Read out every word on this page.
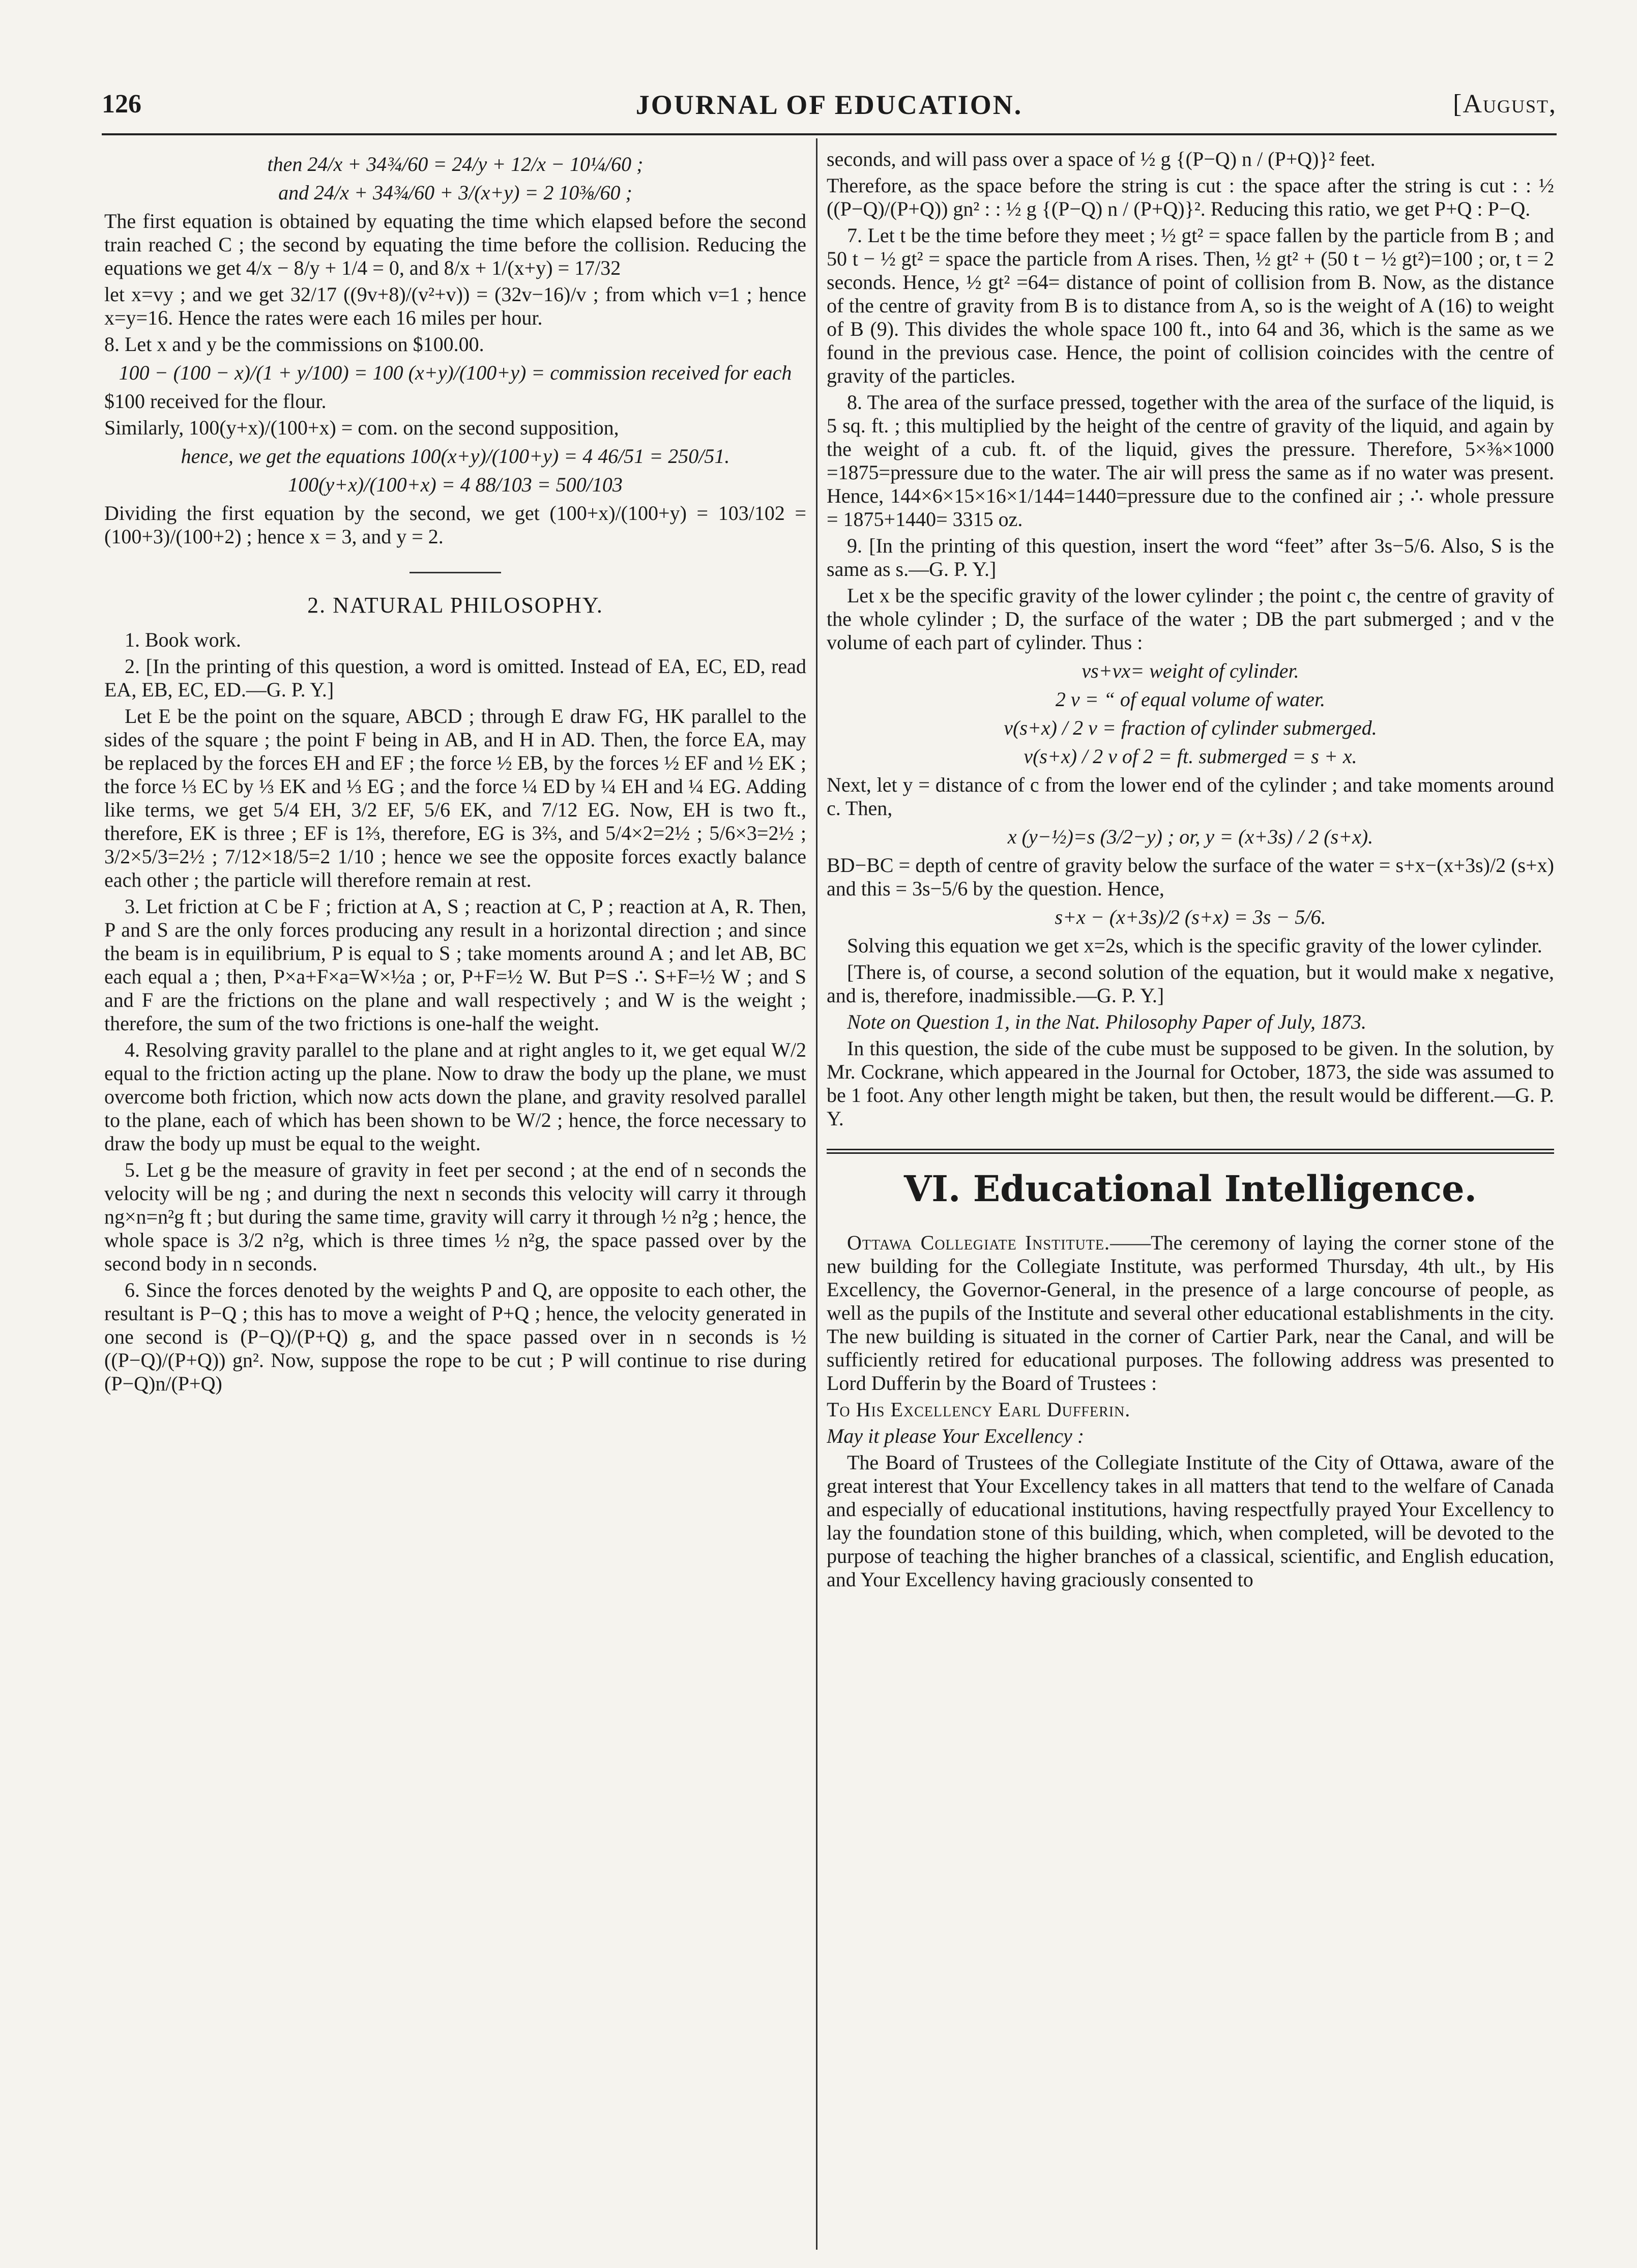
126	JOURNAL OF EDUCATION.	[August,

then 24/x + 34¾/60 = 24/y + 12/x − 10¼/60 ;

and 24/x + 34¾/60 + 3/(x+y) = 2 10⅜/60 ;

The first equation is obtained by equating the time which elapsed before the second train reached C ; the second by equating the time before the collision. Reducing the equations we get 4/x − 8/y + 1/4 = 0, and 8/x + 1/(x+y) = 17/32

let x=vy ; and we get 32/17 ((9v+8)/(v²+v)) = (32v−16)/v ; from which v=1 ; hence x=y=16. Hence the rates were each 16 miles per hour.

8. Let x and y be the commissions on $100.00.

100 − (100 − x)/(1 + y/100) = 100 (x+y)/(100+y) = commission received for each

$100 received for the flour.

Similarly, 100(y+x)/(100+x) = com. on the second supposition,

hence, we get the equations 100(x+y)/(100+y) = 4 46/51 = 250/51.

100(y+x)/(100+x) = 4 88/103 = 500/103

Dividing the first equation by the second, we get (100+x)/(100+y) = 103/102 = (100+3)/(100+2) ; hence x = 3, and y = 2.

2. NATURAL PHILOSOPHY.

1. Book work.

2. [In the printing of this question, a word is omitted. Instead of EA, EC, ED, read EA, EB, EC, ED.—G. P. Y.]

Let E be the point on the square, ABCD ; through E draw FG, HK parallel to the sides of the square ; the point F being in AB, and H in AD. Then, the force EA, may be replaced by the forces EH and EF ; the force ½ EB, by the forces ½ EF and ½ EK ; the force ⅓ EC by ⅓ EK and ⅓ EG ; and the force ¼ ED by ¼ EH and ¼ EG. Adding like terms, we get 5/4 EH, 3/2 EF, 5/6 EK, and 7/12 EG. Now, EH is two ft., therefore, EK is three ; EF is 1⅔, therefore, EG is 3⅔, and 5/4×2=2½ ; 5/6×3=2½ ; 3/2×5/3=2½ ; 7/12×18/5=2 1/10 ; hence we see the opposite forces exactly balance each other ; the particle will therefore remain at rest.

3. Let friction at C be F ; friction at A, S ; reaction at C, P ; reaction at A, R. Then, P and S are the only forces producing any result in a horizontal direction ; and since the beam is in equilibrium, P is equal to S ; take moments around A ; and let AB, BC each equal a ; then, P×a+F×a=W×½a ; or, P+F=½ W. But P=S ∴ S+F=½ W ; and S and F are the frictions on the plane and wall respectively ; and W is the weight ; therefore, the sum of the two frictions is one-half the weight.

4. Resolving gravity parallel to the plane and at right angles to it, we get equal W/2 equal to the friction acting up the plane. Now to draw the body up the plane, we must overcome both friction, which now acts down the plane, and gravity resolved parallel to the plane, each of which has been shown to be W/2 ; hence, the force necessary to draw the body up must be equal to the weight.

5. Let g be the measure of gravity in feet per second ; at the end of n seconds the velocity will be ng ; and during the next n seconds this velocity will carry it through ng×n=n²g ft ; but during the same time, gravity will carry it through ½ n²g ; hence, the whole space is 3/2 n²g, which is three times ½ n²g, the space passed over by the second body in n seconds.

6. Since the forces denoted by the weights P and Q, are opposite to each other, the resultant is P−Q ; this has to move a weight of P+Q ; hence, the velocity generated in one second is (P−Q)/(P+Q) g, and the space passed over in n seconds is ½ ((P−Q)/(P+Q)) gn². Now, suppose the rope to be cut ; P will continue to rise during (P−Q)n/(P+Q)

seconds, and will pass over a space of ½ g {(P−Q) n / (P+Q)}² feet.

Therefore, as the space before the string is cut : the space after the string is cut : : ½ ((P−Q)/(P+Q)) gn² : : ½ g {(P−Q) n / (P+Q)}². Reducing this ratio, we get P+Q : P−Q.

7. Let t be the time before they meet ; ½ gt² = space fallen by the particle from B ; and 50 t − ½ gt² = space the particle from A rises. Then, ½ gt² + (50 t − ½ gt²)=100 ; or, t = 2 seconds. Hence, ½ gt² =64= distance of point of collision from B. Now, as the distance of the centre of gravity from B is to distance from A, so is the weight of A (16) to weight of B (9). This divides the whole space 100 ft., into 64 and 36, which is the same as we found in the previous case. Hence, the point of collision coincides with the centre of gravity of the particles.

8. The area of the surface pressed, together with the area of the surface of the liquid, is 5 sq. ft. ; this multiplied by the height of the centre of gravity of the liquid, and again by the weight of a cub. ft. of the liquid, gives the pressure. Therefore, 5×⅜×1000 =1875=pressure due to the water. The air will press the same as if no water was present. Hence, 144×6×15×16×1/144=1440=pressure due to the confined air ; ∴ whole pressure = 1875+1440= 3315 oz.

9. [In the printing of this question, insert the word “feet” after 3s−5/6. Also, S is the same as s.—G. P. Y.]

Let x be the specific gravity of the lower cylinder ; the point c, the centre of gravity of the whole cylinder ; D, the surface of the water ; DB the part submerged ; and v the volume of each part of cylinder. Thus :

vs+vx= weight of cylinder.

2 v = “ of equal volume of water.

v(s+x) / 2 v = fraction of cylinder submerged.

v(s+x) / 2 v of 2 = ft. submerged = s + x.

Next, let y = distance of c from the lower end of the cylinder ; and take moments around c. Then,

x (y−½)=s (3/2−y) ; or, y = (x+3s) / 2 (s+x).

BD−BC = depth of centre of gravity below the surface of the water = s+x−(x+3s)/2 (s+x) and this = 3s−5/6 by the question. Hence,

s+x − (x+3s)/2 (s+x) = 3s − 5/6.

Solving this equation we get x=2s, which is the specific gravity of the lower cylinder.

[There is, of course, a second solution of the equation, but it would make x negative, and is, therefore, inadmissible.—G. P. Y.]

Note on Question 1, in the Nat. Philosophy Paper of July, 1873.

In this question, the side of the cube must be supposed to be given. In the solution, by Mr. Cockrane, which appeared in the Journal for October, 1873, the side was assumed to be 1 foot. Any other length might be taken, but then, the result would be different.—G. P. Y.

VI. Educational Intelligence.

Ottawa Collegiate Institute.——The ceremony of laying the corner stone of the new building for the Collegiate Institute, was performed Thursday, 4th ult., by His Excellency, the Governor-General, in the presence of a large concourse of people, as well as the pupils of the Institute and several other educational establishments in the city. The new building is situated in the corner of Cartier Park, near the Canal, and will be sufficiently retired for educational purposes. The following address was presented to Lord Dufferin by the Board of Trustees :

To His Excellency Earl Dufferin.

May it please Your Excellency :

The Board of Trustees of the Collegiate Institute of the City of Ottawa, aware of the great interest that Your Excellency takes in all matters that tend to the welfare of Canada and especially of educational institutions, having respectfully prayed Your Excellency to lay the foundation stone of this building, which, when completed, will be devoted to the purpose of teaching the higher branches of a classical, scientific, and English education, and Your Excellency having graciously consented to
